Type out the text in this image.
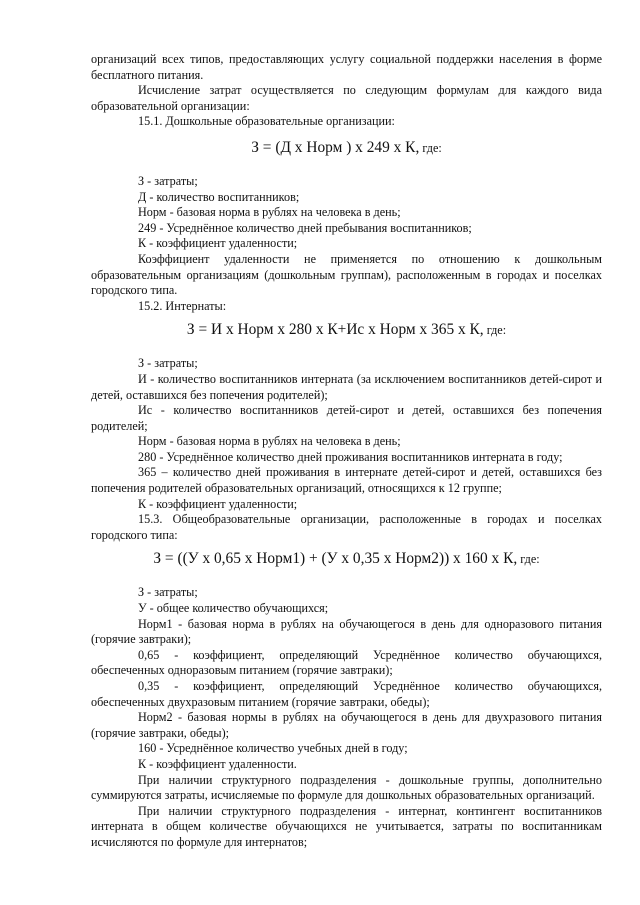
организаций всех типов, предоставляющих услугу социальной поддержки населения в форме бесплатного питания.

Исчисление затрат осуществляется по следующим формулам для каждого вида образовательной организации:

15.1. Дошкольные образовательные организации:

З = (Д х Норм ) х 249 х К, где:

З - затраты;

Д - количество воспитанников;

Норм - базовая норма в рублях на человека в день;

249 - Усреднённое количество дней пребывания воспитанников;

К - коэффициент удаленности;

Коэффициент удаленности не применяется по отношению к дошкольным образовательным организациям (дошкольным группам), расположенным в городах и поселках городского типа.

15.2. Интернаты:

З = И х Норм х 280 х К+Ис х Норм х 365 х К, где:

З - затраты;

И - количество воспитанников интерната (за исключением воспитанников детей-сирот и детей, оставшихся без попечения родителей);

Ис - количество воспитанников детей-сирот и детей, оставшихся без попечения родителей;

Норм - базовая норма в рублях на человека в день;

280 - Усреднённое количество дней проживания воспитанников интерната в году;

365 – количество дней проживания в интернате детей-сирот и детей, оставшихся без попечения родителей образовательных организаций, относящихся к 12 группе;

К - коэффициент удаленности;

15.3. Общеобразовательные организации, расположенные в городах и поселках городского типа:

З = ((У х 0,65 х Норм1) + (У х 0,35 х Норм2)) х 160 х К, где:

З - затраты;

У - общее количество обучающихся;

Норм1 - базовая норма в рублях на обучающегося в день для одноразового питания (горячие завтраки);

0,65 - коэффициент, определяющий Усреднённое количество обучающихся, обеспеченных одноразовым питанием (горячие завтраки);

0,35 - коэффициент, определяющий Усреднённое количество обучающихся, обеспеченных двухразовым питанием (горячие завтраки, обеды);

Норм2 - базовая нормы в рублях на обучающегося в день для двухразового питания (горячие завтраки, обеды);

160 - Усреднённое количество учебных дней в году;

К - коэффициент удаленности.

При наличии структурного подразделения - дошкольные группы, дополнительно суммируются затраты, исчисляемые по формуле для дошкольных образовательных организаций.

При наличии структурного подразделения - интернат, контингент воспитанников интерната в общем количестве обучающихся не учитывается, затраты по воспитанникам исчисляются по формуле для интернатов;
